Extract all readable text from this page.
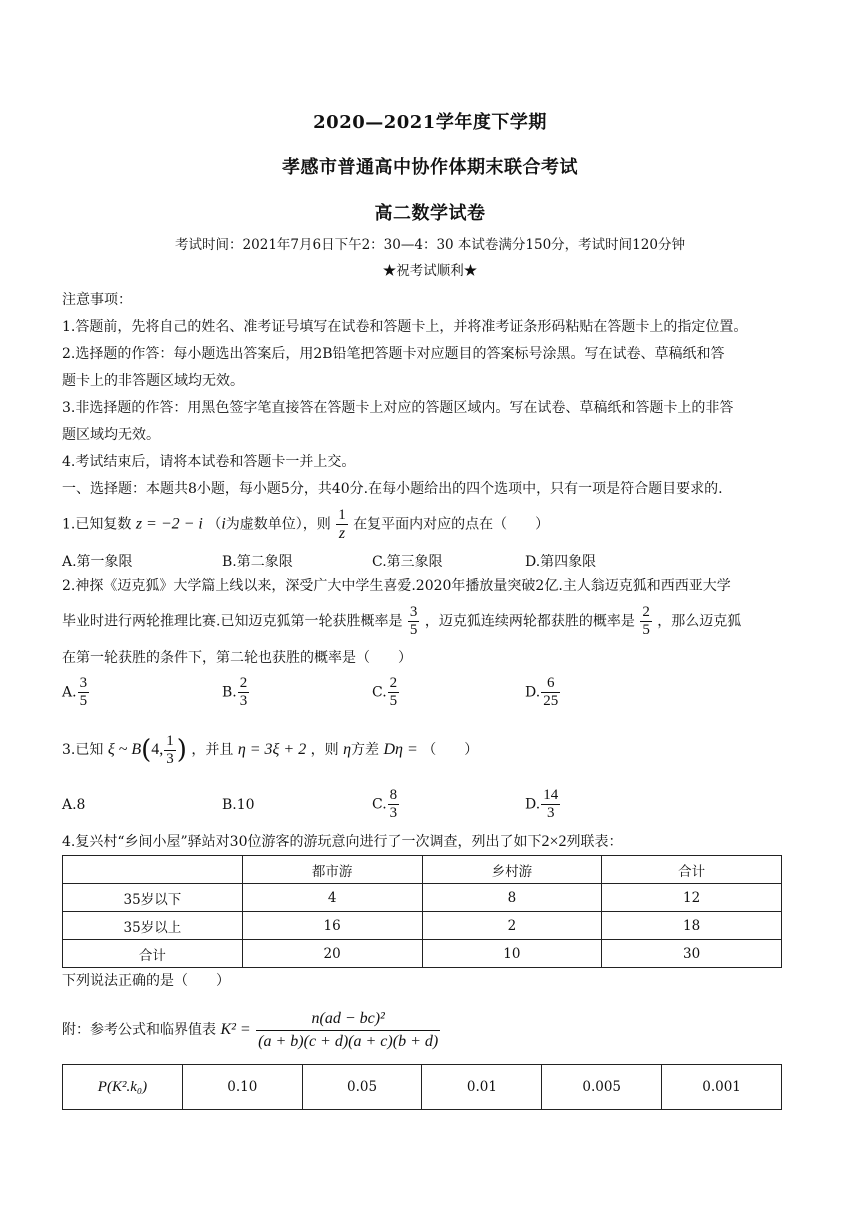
2020—2021学年度下学期
孝感市普通高中协作体期末联合考试
高二数学试卷
考试时间：2021年7月6日下午2：30—4：30 本试卷满分150分，考试时间120分钟
★祝考试顺利★
注意事项：
1.答题前，先将自己的姓名、准考证号填写在试卷和答题卡上，并将准考证条形码粘贴在答题卡上的指定位置。
2.选择题的作答：每小题选出答案后，用2B铅笔把答题卡对应题目的答案标号涂黑。写在试卷、草稿纸和答
题卡上的非答题区域均无效。
3.非选择题的作答：用黑色签字笔直接答在答题卡上对应的答题区域内。写在试卷、草稿纸和答题卡上的非答
题区域均无效。
4.考试结束后，请将本试卷和答题卡一并上交。
一、选择题：本题共8小题，每小题5分，共40分.在每小题给出的四个选项中，只有一项是符合题目要求的.
1.已知复数 z = −2 − i （i为虚数单位），则 $\frac{1}{z}$ 在复平面内对应的点在（　　）
A.第一象限	B.第二象限	C.第三象限	D.第四象限
2.神探《迈克狐》大学篇上线以来，深受广大中学生喜爱.2020年播放量突破2亿.主人翁迈克狐和西西亚大学
毕业时进行两轮推理比赛.已知迈克狐第一轮获胜概率是 $\frac{3}{5}$ ，迈克狐连续两轮都获胜的概率是 $\frac{2}{5}$ ，那么迈克狐
在第一轮获胜的条件下，第二轮也获胜的概率是（　　）
A. $\frac{3}{5}$	B. $\frac{2}{3}$	C. $\frac{2}{5}$	D. $\frac{6}{25}$
3.已知 ξ ~ B(4, $\frac{1}{3}$ ) ，并且 η = 3ξ + 2 ，则 η方差 Dη = （　　）
A.8	B.10	C. $\frac{8}{3}$	D. $\frac{14}{3}$
4.复兴村“乡间小屋”驿站对30位游客的游玩意向进行了一次调查，列出了如下2×2列联表：
	都市游	乡村游	合计
35岁以下	4	8	12
35岁以上	16	2	18
合计	20	10	30
下列说法正确的是（　　）
附：参考公式和临界值表 $K^2 = \frac{\text{n(ad − bc)²}}{(a + b)(c + d)(a + c)(b + d)}$
P(K².k₀)	0.10	0.05	0.01	0.005	0.001
